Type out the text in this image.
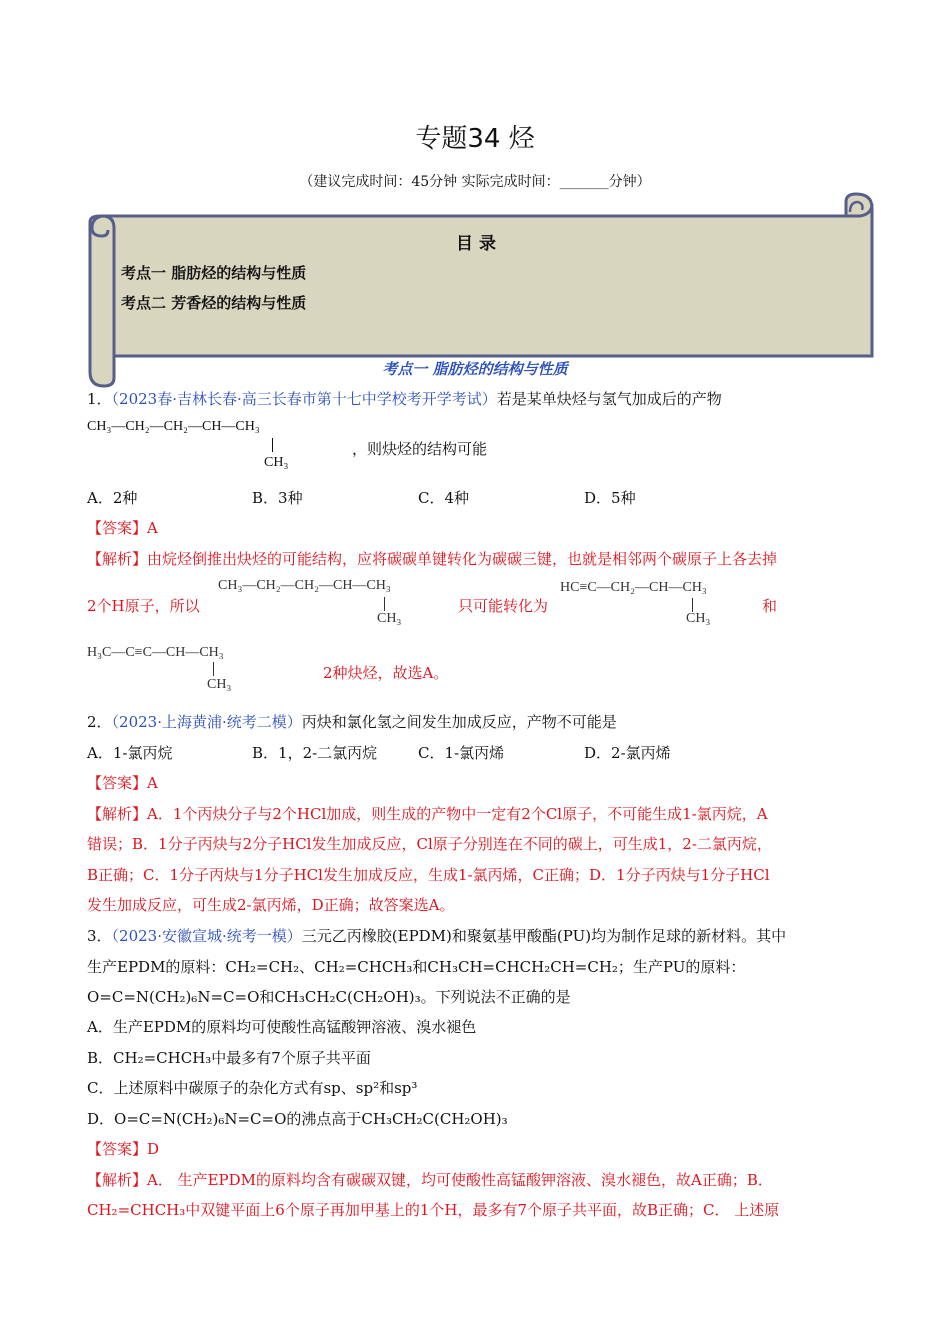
专题34 烃
（建议完成时间：45分钟 实际完成时间：_______分钟）
目 录
考点一 脂肪烃的结构与性质
考点二 芳香烃的结构与性质
考点一 脂肪烃的结构与性质
1．（2023春·吉林长春·高三长春市第十七中学校考开学考试）若是某单炔烃与氢气加成后的产物
CH₃—CH₂—CH₂—CH—CH₃
CH₃
，则炔烃的结构可能
A．2种	B．3种	C．4种	D．5种
【答案】A
【解析】由烷烃倒推出炔烃的可能结构，应将碳碳单键转化为碳碳三键，也就是相邻两个碳原子上各去掉
2个H原子，所以
CH₃—CH₂—CH₂—CH—CH₃
CH₃
只可能转化为
HC≡C—CH₂—CH—CH₃
CH₃
和
H₃C—C≡C—CH—CH₃
CH₃
2种炔烃，故选A。
2．（2023·上海黄浦·统考二模）丙炔和氯化氢之间发生加成反应，产物不可能是
A．1-氯丙烷	B．1，2-二氯丙烷	C．1-氯丙烯	D．2-氯丙烯
【答案】A
【解析】A．1个丙炔分子与2个HCl加成，则生成的产物中一定有2个Cl原子，不可能生成1-氯丙烷，A
错误；B．1分子丙炔与2分子HCl发生加成反应，Cl原子分别连在不同的碳上，可生成1，2-二氯丙烷，
B正确；C．1分子丙炔与1分子HCl发生加成反应，生成1-氯丙烯，C正确；D．1分子丙炔与1分子HCl
发生加成反应，可生成2-氯丙烯，D正确；故答案选A。
3．（2023·安徽宣城·统考一模）三元乙丙橡胶(EPDM)和聚氨基甲酸酯(PU)均为制作足球的新材料。其中
生产EPDM的原料：CH₂=CH₂、CH₂=CHCH₃和CH₃CH=CHCH₂CH=CH₂；生产PU的原料：
O=C=N(CH₂)₆N=C=O和CH₃CH₂C(CH₂OH)₃。下列说法不正确的是
A．生产EPDM的原料均可使酸性高锰酸钾溶液、溴水褪色
B．CH₂=CHCH₃中最多有7个原子共平面
C．上述原料中碳原子的杂化方式有sp、sp²和sp³
D．O=C=N(CH₂)₆N=C=O的沸点高于CH₃CH₂C(CH₂OH)₃
【答案】D
【解析】A． 生产EPDM的原料均含有碳碳双键，均可使酸性高锰酸钾溶液、溴水褪色，故A正确；B．
CH₂=CHCH₃中双键平面上6个原子再加甲基上的1个H，最多有7个原子共平面，故B正确；C． 上述原
